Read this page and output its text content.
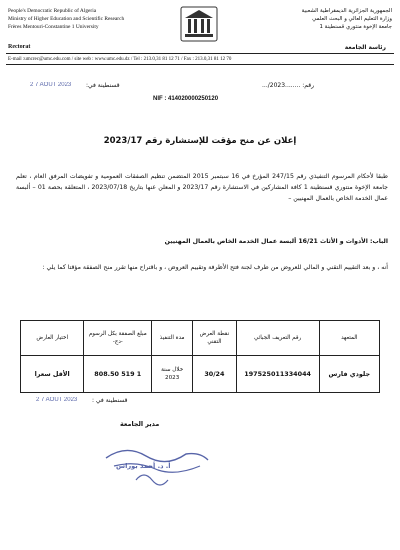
People's Democratic Republic of Algeria
Ministry of Higher Education and Scientific Research
Frères Mentouri-Constantine 1 University
الجمهورية الجزائرية الديمقراطية الشعبية
وزارة التعليم العالي و البحث العلمي
جامعة الإخوة منتوري قسنطينة 1
Rectorat	رئاسة الجامعة
E-mail :umcrec@umc.edu.com / site web : www.umc.edu.dz / Tel : 213.0,31 81 12 71 / Fax : 213.0,31 81 12 70
رقم: ........2023/...
قسنطينة في:
2 7 AOUT 2023
NIF : 414020000250120
إعلان عن منح مؤقت للإستشارة رقم 2023/17
طبقا لأحكام المرسوم التنفيذي رقم 247/15 المؤرخ في 16 سبتمبر 2015 المتضمن تنظيم الصفقات العمومية و تفويضات المرفق العام ، تعلم جامعة الإخوة منتوري قسنطينة 1 كافة المشاركين في الاستشارة رقم 2023/17 و المعلن عنها بتاريخ 2023/07/18 ، المتعلقة بحصة 01 – ألبسة عمال الخدمة الخاص بالعمال المهنيين –
الباب: الأدوات و الأثاث 16/21 ألبسة عمال الخدمة الخاص بالعمال المهنيين
أنه ، و بعد التقييم التقني و المالي للعروض من طرف لجنة فتح الأظرفة وتقييم العروض ، و باقتراح منها تقرر منح الصفقة مؤقتا كما يلي :
المتعهد	رقم التعريف الجبائي	نقطة العرض التقني	مدة التنفيذ	مبلغ الصفقة بكل الرسوم -دج-	اختيار العارض
جلودي فارس	197525011334044	30/24	خلال سنة 2023	1 519 808.50	الأقل سعرا
قسنطينة في :
2 7 AOUT 2023
مدير الجامعة
أ. د. أحمد بوراس
